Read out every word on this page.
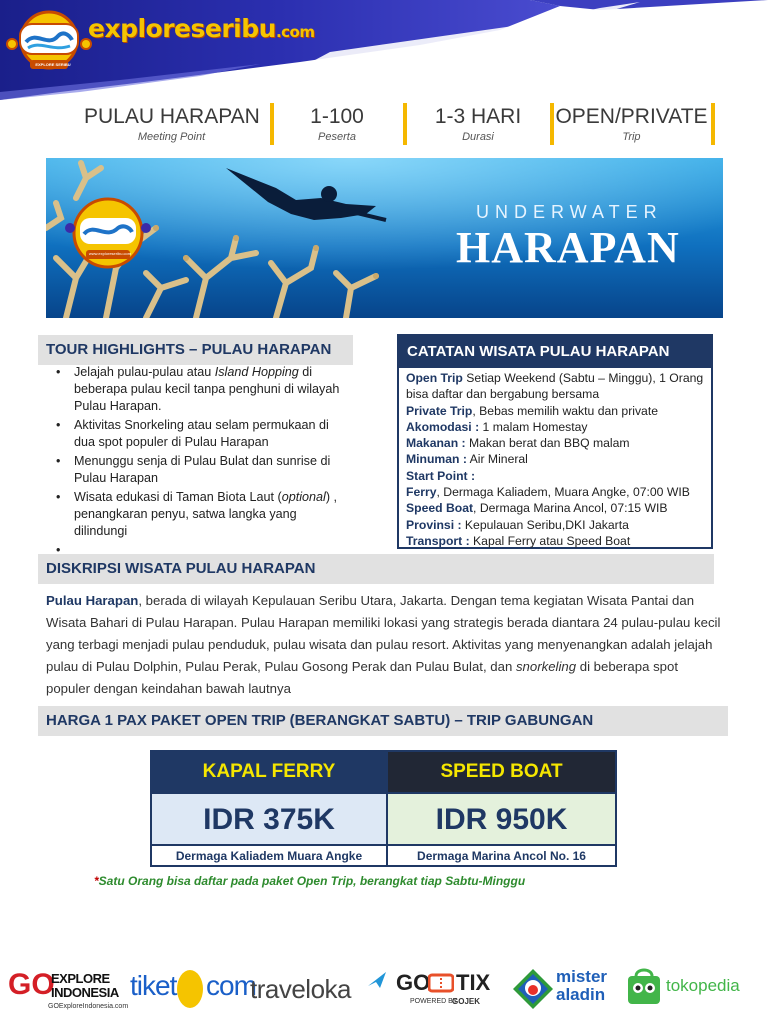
EXPLORE SERIBU
exploreseribu.com
PULAU HARAPAN
Meeting Point
1-100
Peserta
1-3 HARI
Durasi
OPEN/PRIVATE
Trip
www.exploreseribu.com
UNDERWATER
HARAPAN
TOUR HIGHLIGHTS – PULAU HARAPAN
• Jelajah pulau-pulau atau Island Hopping di beberapa pulau kecil tanpa penghuni di wilayah Pulau Harapan.
• Aktivitas Snorkeling atau selam permukaan di dua spot populer di Pulau Harapan
• Menunggu senja di Pulau Bulat dan sunrise di Pulau Harapan
• Wisata edukasi di Taman Biota Laut (optional) , penangkaran penyu, satwa langka yang dilindungi
•
CATATAN WISATA PULAU HARAPAN
Open Trip Setiap Weekend (Sabtu – Minggu), 1 Orang bisa daftar dan bergabung bersama
Private Trip, Bebas memilih waktu dan private
Akomodasi : 1 malam Homestay
Makanan : Makan berat dan BBQ malam
Minuman : Air Mineral
Start Point :
Ferry, Dermaga Kaliadem, Muara Angke, 07:00 WIB
Speed Boat, Dermaga Marina Ancol, 07:15 WIB
Provinsi : Kepulauan Seribu,DKI Jakarta
Transport : Kapal Ferry atau Speed Boat
DISKRIPSI WISATA PULAU HARAPAN
Pulau Harapan, berada di wilayah Kepulauan Seribu Utara, Jakarta. Dengan tema kegiatan Wisata Pantai dan Wisata Bahari di Pulau Harapan. Pulau Harapan memiliki lokasi yang strategis berada diantara 24 pulau-pulau kecil yang terbagi menjadi pulau penduduk, pulau wisata dan pulau resort. Aktivitas yang menyenangkan adalah jelajah pulau di Pulau Dolphin, Pulau Perak, Pulau Gosong Perak dan Pulau Bulat, dan snorkeling di beberapa spot populer dengan keindahan bawah lautnya
HARGA 1 PAX PAKET OPEN TRIP (BERANGKAT SABTU) – TRIP GABUNGAN
KAPAL FERRY	SPEED BOAT
IDR 375K	IDR 950K
Dermaga Kaliadem Muara Angke	Dermaga Marina Ancol No. 16
*Satu Orang bisa daftar pada paket Open Trip, berangkat tiap Sabtu-Minggu
GO
EXPLORE
INDONESIA
GOExploreIndonesia.com
tiket com
traveloka GO TIX
POWERED BY
GOJEK
mister
aladin	tokopedia
